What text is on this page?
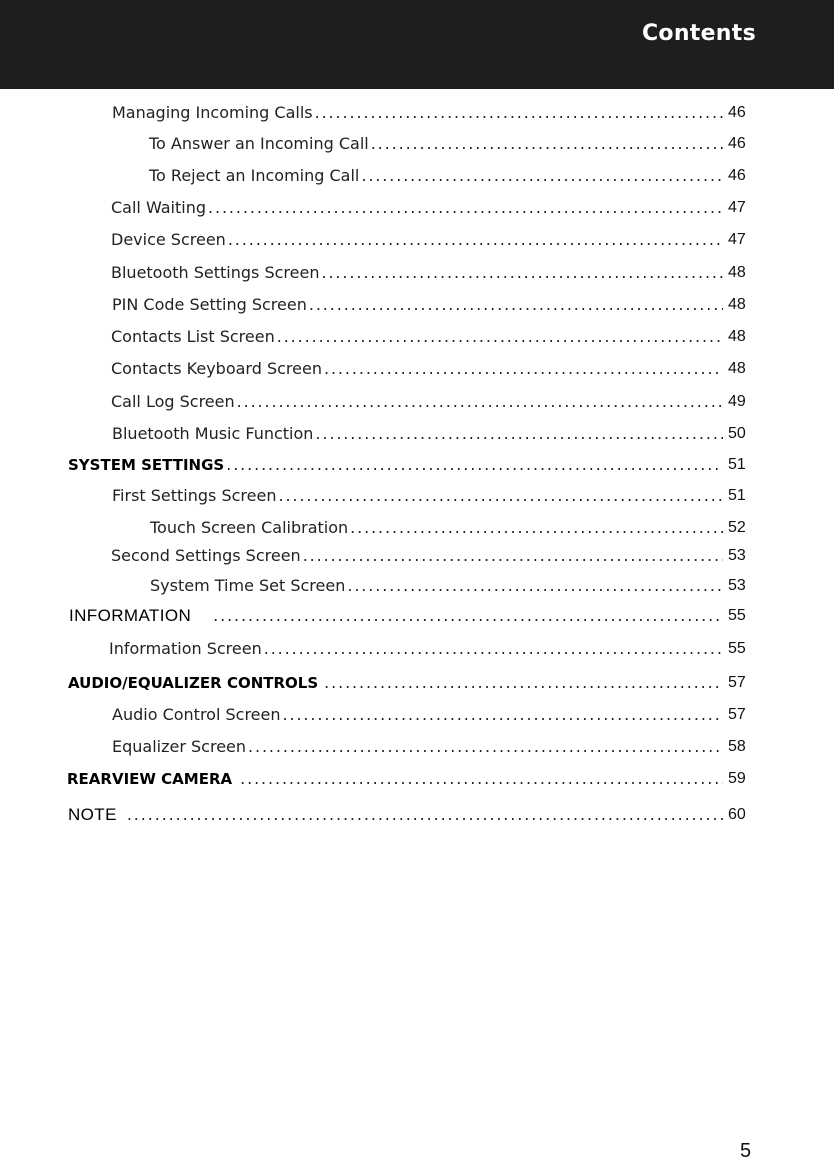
Contents
Managing Incoming Calls . . .	46
To Answer an Incoming Call . . .	46
To Reject an Incoming Call . . .	46
Call Waiting . . .	47
Device Screen . . .	47
Bluetooth Settings Screen . . .	48
PIN Code Setting Screen . . .	48
Contacts List Screen . . .	48
Contacts Keyboard Screen . . .	48
Call Log Screen . . .	49
Bluetooth Music Function . . .	50
SYSTEM SETTINGS . . .	51
First Settings Screen . . .	51
Touch Screen Calibration . . .	52
Second Settings Screen . . .	53
System Time Set Screen . . .	53
INFORMATION . . .	55
Information Screen . . .	55
AUDIO/EQUALIZER CONTROLS . . .	57
Audio Control Screen . . .	57
Equalizer Screen . . .	58
REARVIEW CAMERA . . .	59
NOTE . . .	60
5
